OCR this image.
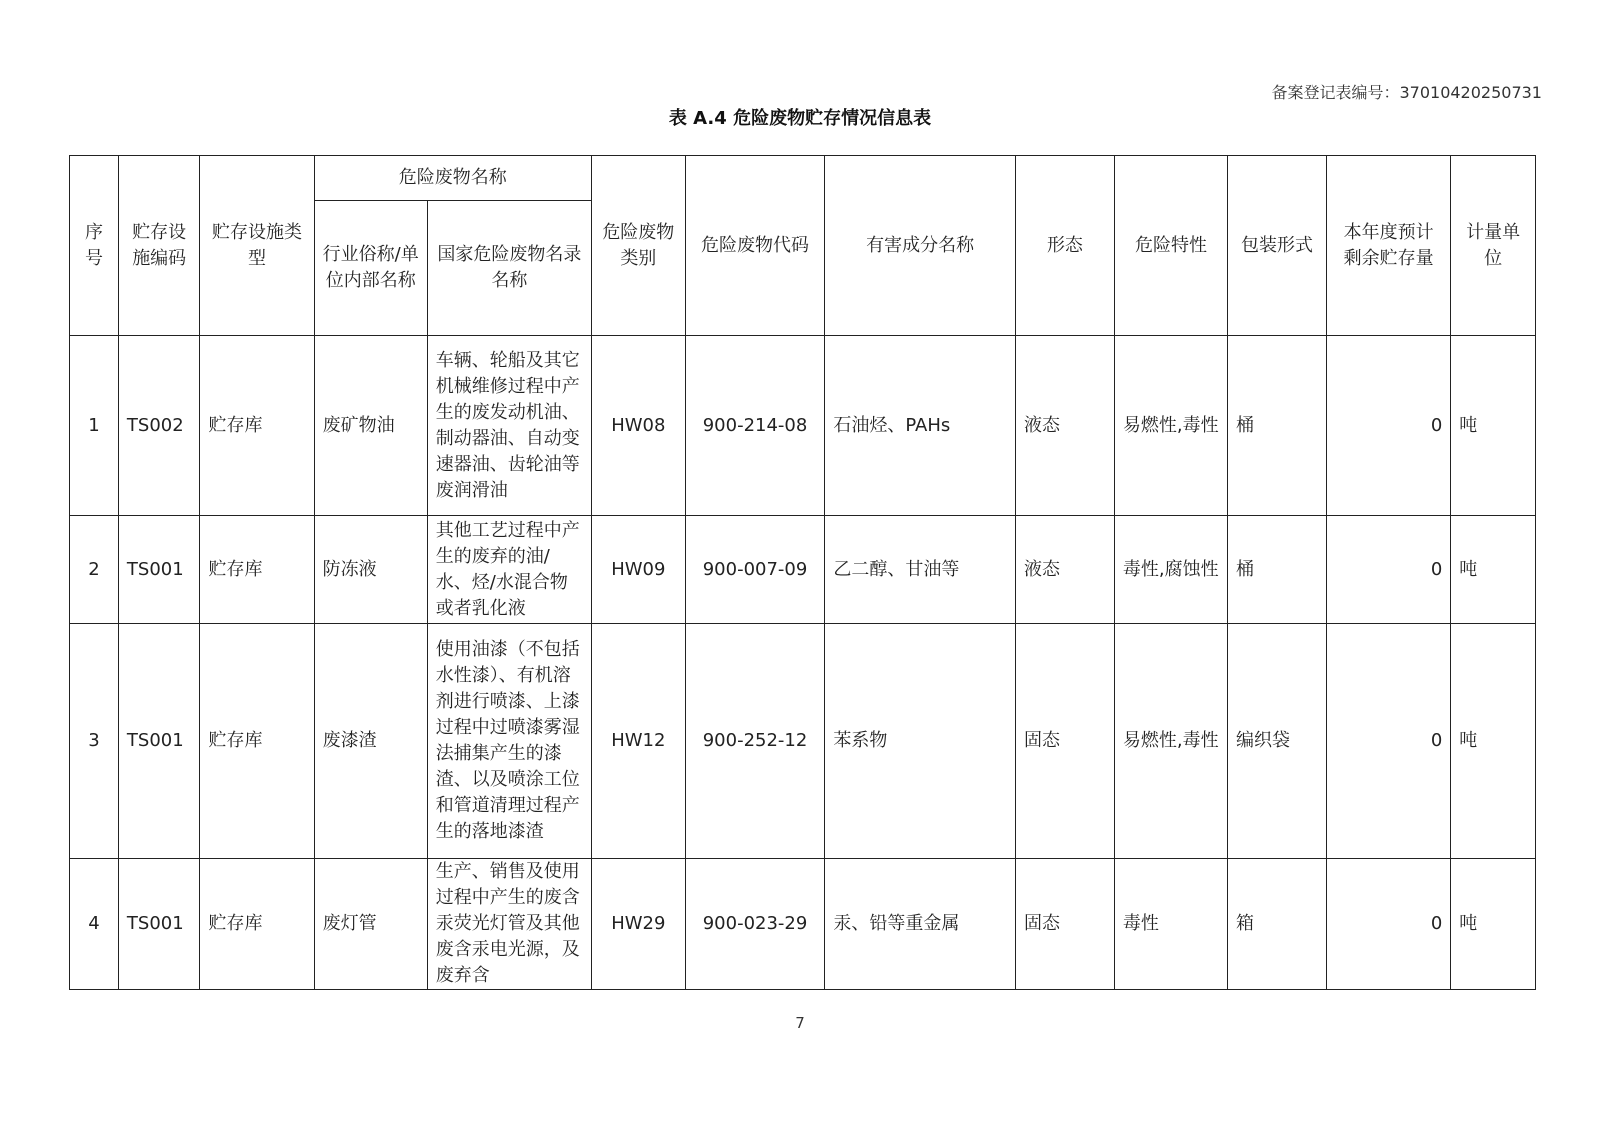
备案登记表编号：37010420250731
表 A.4 危险废物贮存情况信息表
序号	贮存设施编码	贮存设施类型	危险废物名称		危险废物类别	危险废物代码	有害成分名称	形态	危险特性	包装形式	本年度预计剩余贮存量	计量单位
			行业俗称/单位内部名称	国家危险废物名录名称								
1	TS002	贮存库	废矿物油	车辆、轮船及其它机械维修过程中产生的废发动机油、制动器油、自动变速器油、齿轮油等废润滑油	HW08	900-214-08	石油烃、PAHs	液态	易燃性,毒性	桶	0	吨
2	TS001	贮存库	防冻液	其他工艺过程中产生的废弃的油/水、烃/水混合物或者乳化液	HW09	900-007-09	乙二醇、甘油等	液态	毒性,腐蚀性	桶	0	吨
3	TS001	贮存库	废漆渣	使用油漆（不包括水性漆）、有机溶剂进行喷漆、上漆过程中过喷漆雾湿法捕集产生的漆渣、以及喷涂工位和管道清理过程产生的落地漆渣	HW12	900-252-12	苯系物	固态	易燃性,毒性	编织袋	0	吨
4	TS001	贮存库	废灯管	生产、销售及使用过程中产生的废含汞荧光灯管及其他废含汞电光源，及废弃含	HW29	900-023-29	汞、铅等重金属	固态	毒性	箱	0	吨
7
